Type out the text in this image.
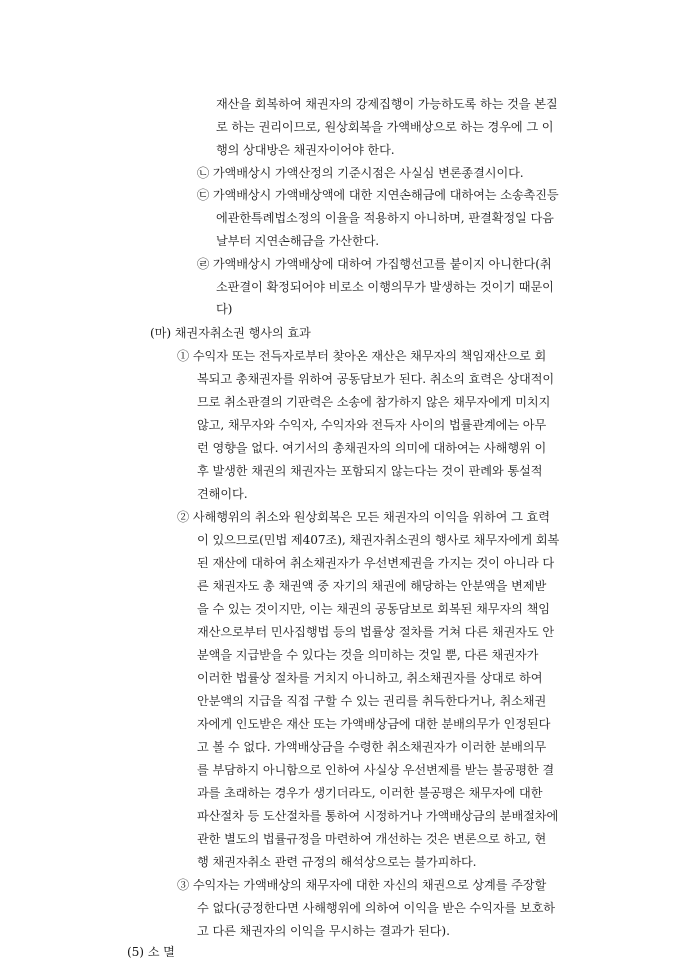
재산을 회복하여 채권자의 강제집행이 가능하도록 하는 것을 본질
로 하는 권리이므로, 원상회복을 가액배상으로 하는 경우에 그 이
행의 상대방은 채권자이어야 한다.
㉡ 가액배상시 가액산정의 기준시점은 사실심 변론종결시이다.
㉢ 가액배상시 가액배상액에 대한 지연손해금에 대하여는 소송촉진등
에관한특례법소정의 이율을 적용하지 아니하며, 판결확정일 다음
날부터 지연손해금을 가산한다.
㉣ 가액배상시 가액배상에 대하여 가집행선고를 붙이지 아니한다(취
소판결이 확정되어야 비로소 이행의무가 발생하는 것이기 때문이
다)
(마) 채권자취소권 행사의 효과
① 수익자 또는 전득자로부터 찾아온 재산은 채무자의 책임재산으로 회
복되고 총채권자를 위하여 공동담보가 된다. 취소의 효력은 상대적이
므로 취소판결의 기판력은 소송에 참가하지 않은 채무자에게 미치지
않고, 채무자와 수익자, 수익자와 전득자 사이의 법률관계에는 아무
런 영향을 없다. 여기서의 총채권자의 의미에 대하여는 사해행위 이
후 발생한 채권의 채권자는 포함되지 않는다는 것이 판례와 통설적
견해이다.
② 사해행위의 취소와 원상회복은 모든 채권자의 이익을 위하여 그 효력
이 있으므로(민법 제407조), 채권자취소권의 행사로 채무자에게 회복
된 재산에 대하여 취소채권자가 우선변제권을 가지는 것이 아니라 다
른 채권자도 총 채권액 중 자기의 채권에 해당하는 안분액을 변제받
을 수 있는 것이지만, 이는 채권의 공동담보로 회복된 채무자의 책임
재산으로부터 민사집행법 등의 법률상 절차를 거쳐 다른 채권자도 안
분액을 지급받을 수 있다는 것을 의미하는 것일 뿐, 다른 채권자가
이러한 법률상 절차를 거치지 아니하고, 취소채권자를 상대로 하여
안분액의 지급을 직접 구할 수 있는 권리를 취득한다거나, 취소채권
자에게 인도받은 재산 또는 가액배상금에 대한 분배의무가 인정된다
고 볼 수 없다. 가액배상금을 수령한 취소채권자가 이러한 분배의무
를 부담하지 아니함으로 인하여 사실상 우선변제를 받는 불공평한 결
과를 초래하는 경우가 생기더라도, 이러한 불공평은 채무자에 대한
파산절차 등 도산절차를 통하여 시정하거나 가액배상금의 분배절차에
관한 별도의 법률규정을 마련하여 개선하는 것은 변론으로 하고, 현
행 채권자취소 관련 규정의 해석상으로는 불가피하다.
③ 수익자는 가액배상의 채무자에 대한 자신의 채권으로 상계를 주장할
수 없다(긍정한다면 사해행위에 의하여 이익을 받은 수익자를 보호하
고 다른 채권자의 이익을 무시하는 결과가 된다).
(5) 소 멸
